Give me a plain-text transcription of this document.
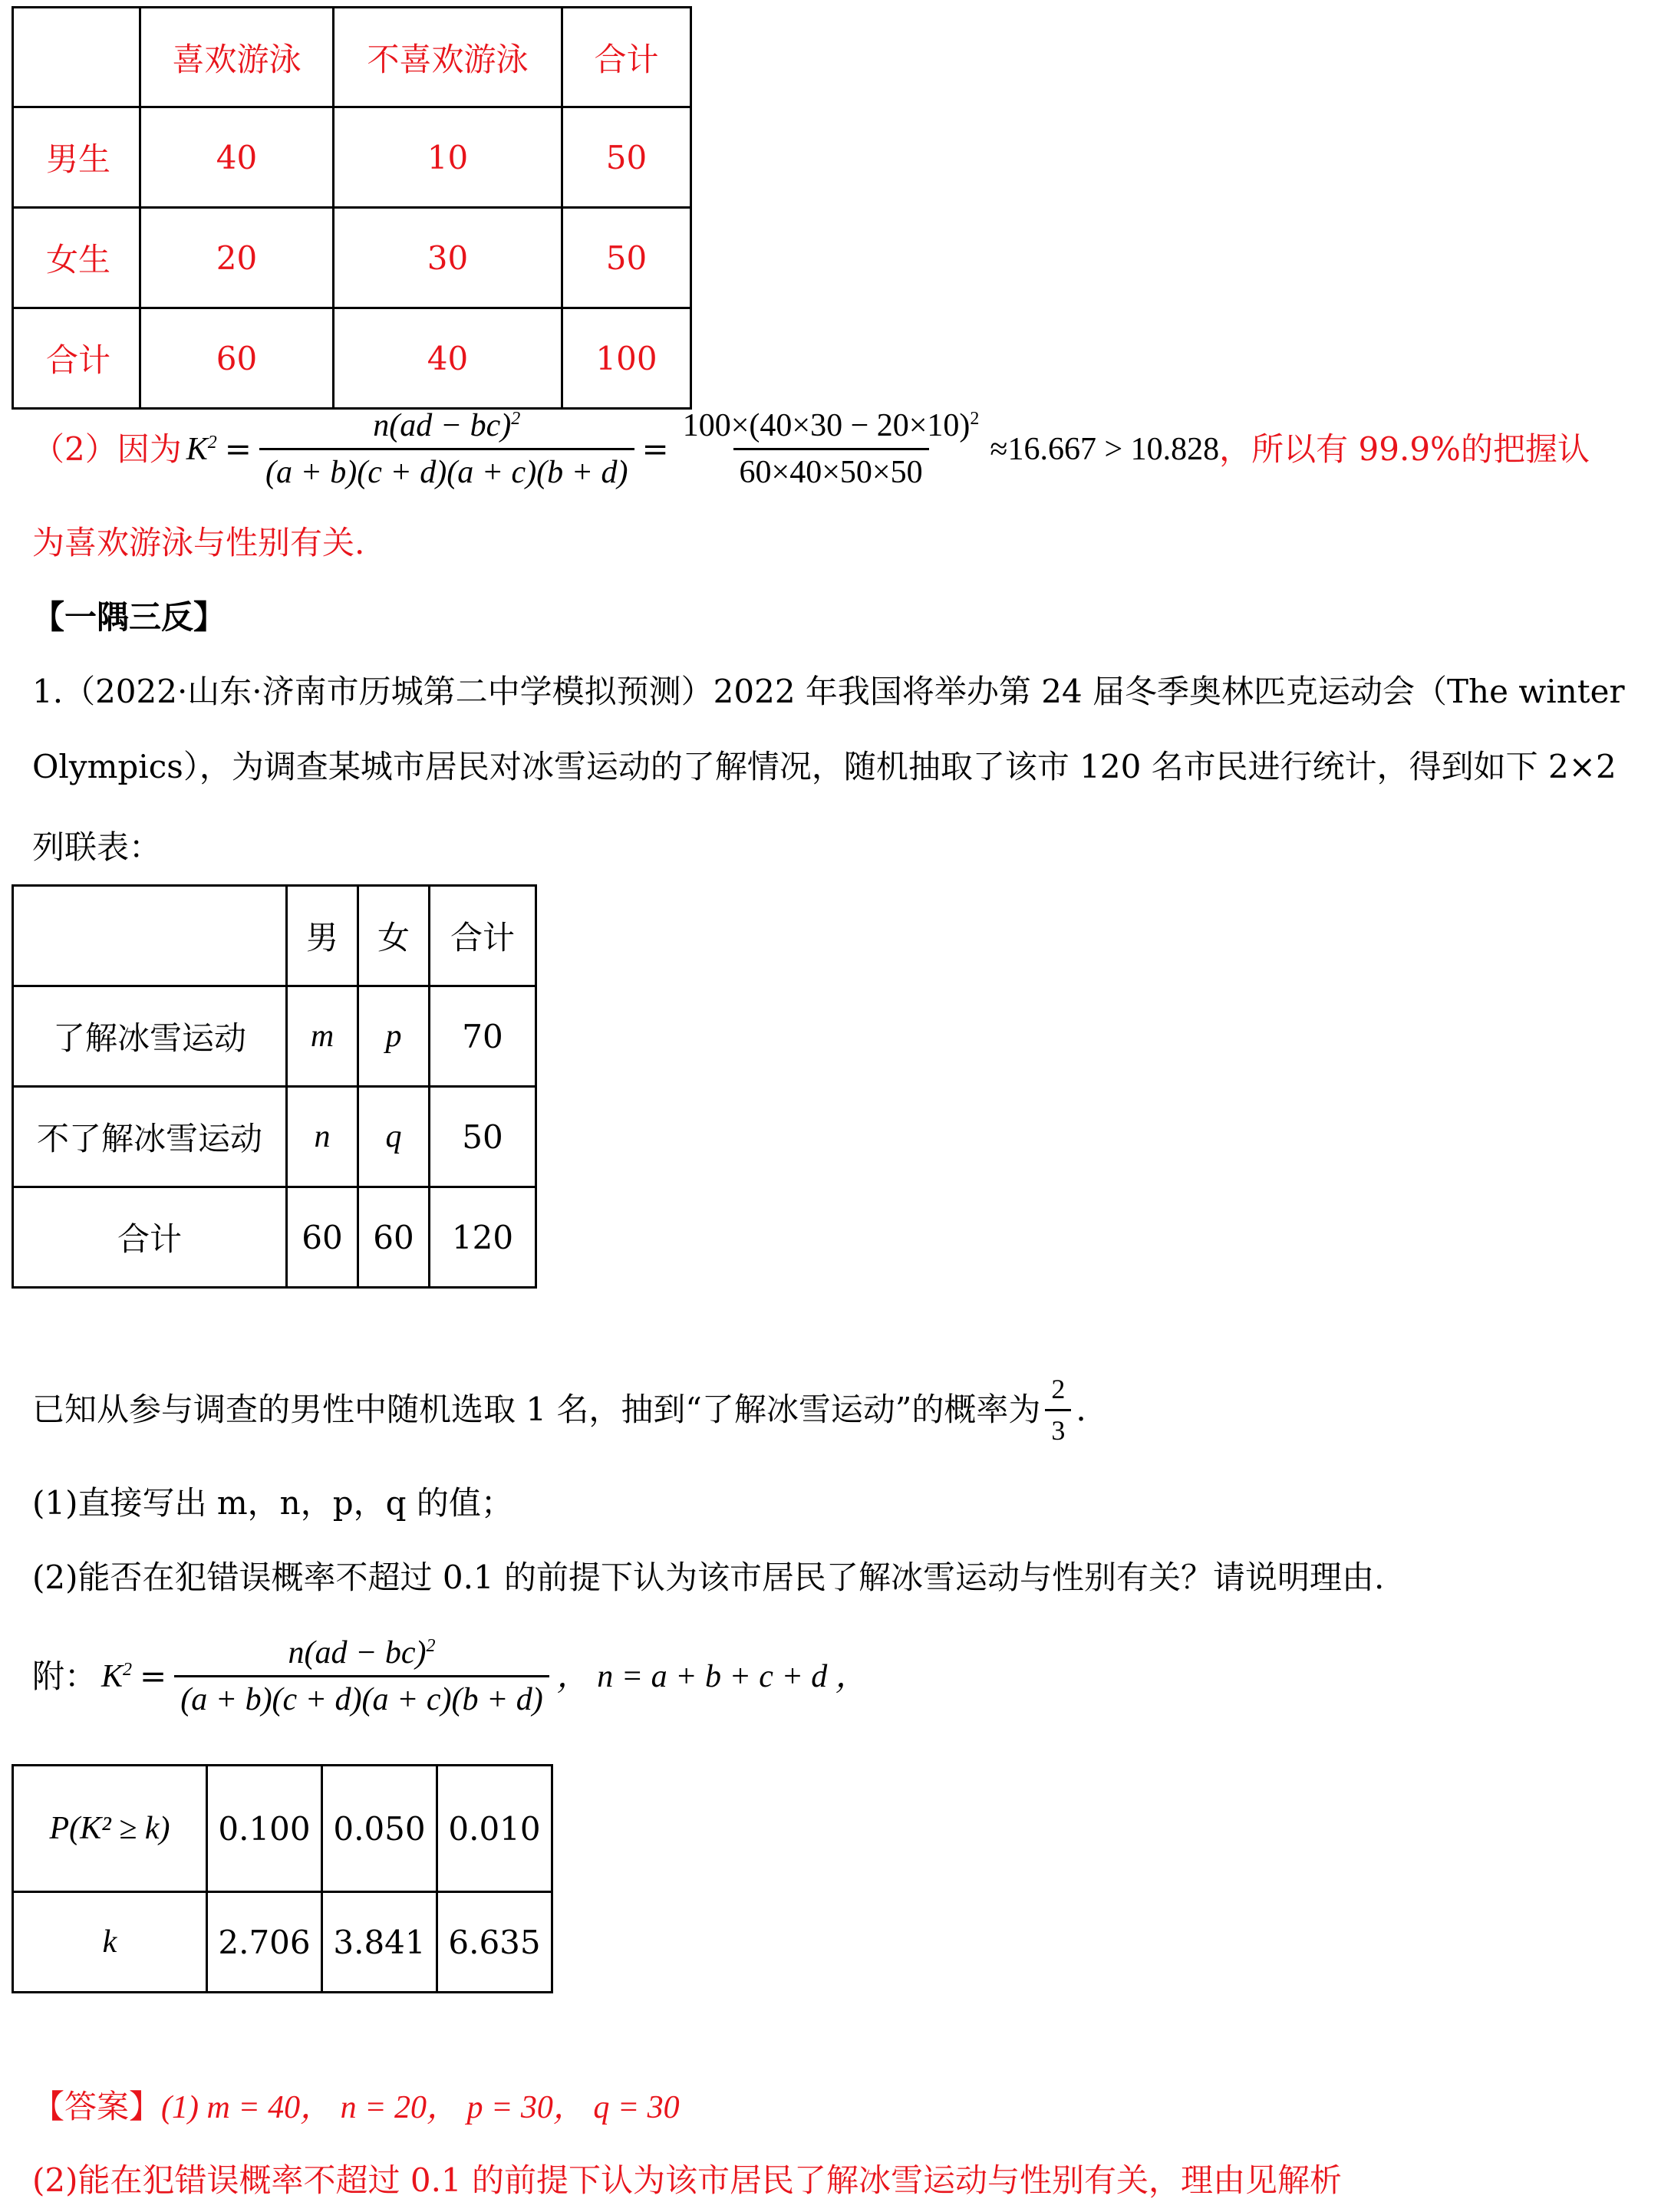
	喜欢游泳	不喜欢游泳	合计
男生	40	10	50
女生	20	30	50
合计	60	40	100
（2）因为 $K^2 = \frac{n(ad - bc)^2}{(a + b)(c + d)(a + c)(b + d)} = \frac{100\times(40\times 30 - 20\times 10)^2}{60\times 40\times 50\times 50} \approx 16.667 > 10.828$ ，所以有 99.9%的把握认
为喜欢游泳与性别有关.
【一隅三反】
1.（2022·山东·济南市历城第二中学模拟预测）2022 年我国将举办第 24 届冬季奥林匹克运动会（The winter
Olympics），为调查某城市居民对冰雪运动的了解情况，随机抽取了该市 120 名市民进行统计，得到如下 2×2
列联表：
	男	女	合计
了解冰雪运动	m	p	70
不了解冰雪运动	n	q	50
合计	60	60	120
已知从参与调查的男性中随机选取 1 名，抽到“了解冰雪运动”的概率为 $\frac{2}{3}$ .
(1)直接写出 m，n，p，q 的值；
(2)能否在犯错误概率不超过 0.1 的前提下认为该市居民了解冰雪运动与性别有关？请说明理由.
附： $K^2 = \frac{n(ad - bc)^2}{(a + b)(c + d)(a + c)(b + d)}$ ， n = a + b + c + d ，
P(K² ≥ k)	0.100	0.050	0.010
k	2.706	3.841	6.635
【答案】(1) m = 40， n = 20， p = 30， q = 30
(2)能在犯错误概率不超过 0.1 的前提下认为该市居民了解冰雪运动与性别有关，理由见解析
